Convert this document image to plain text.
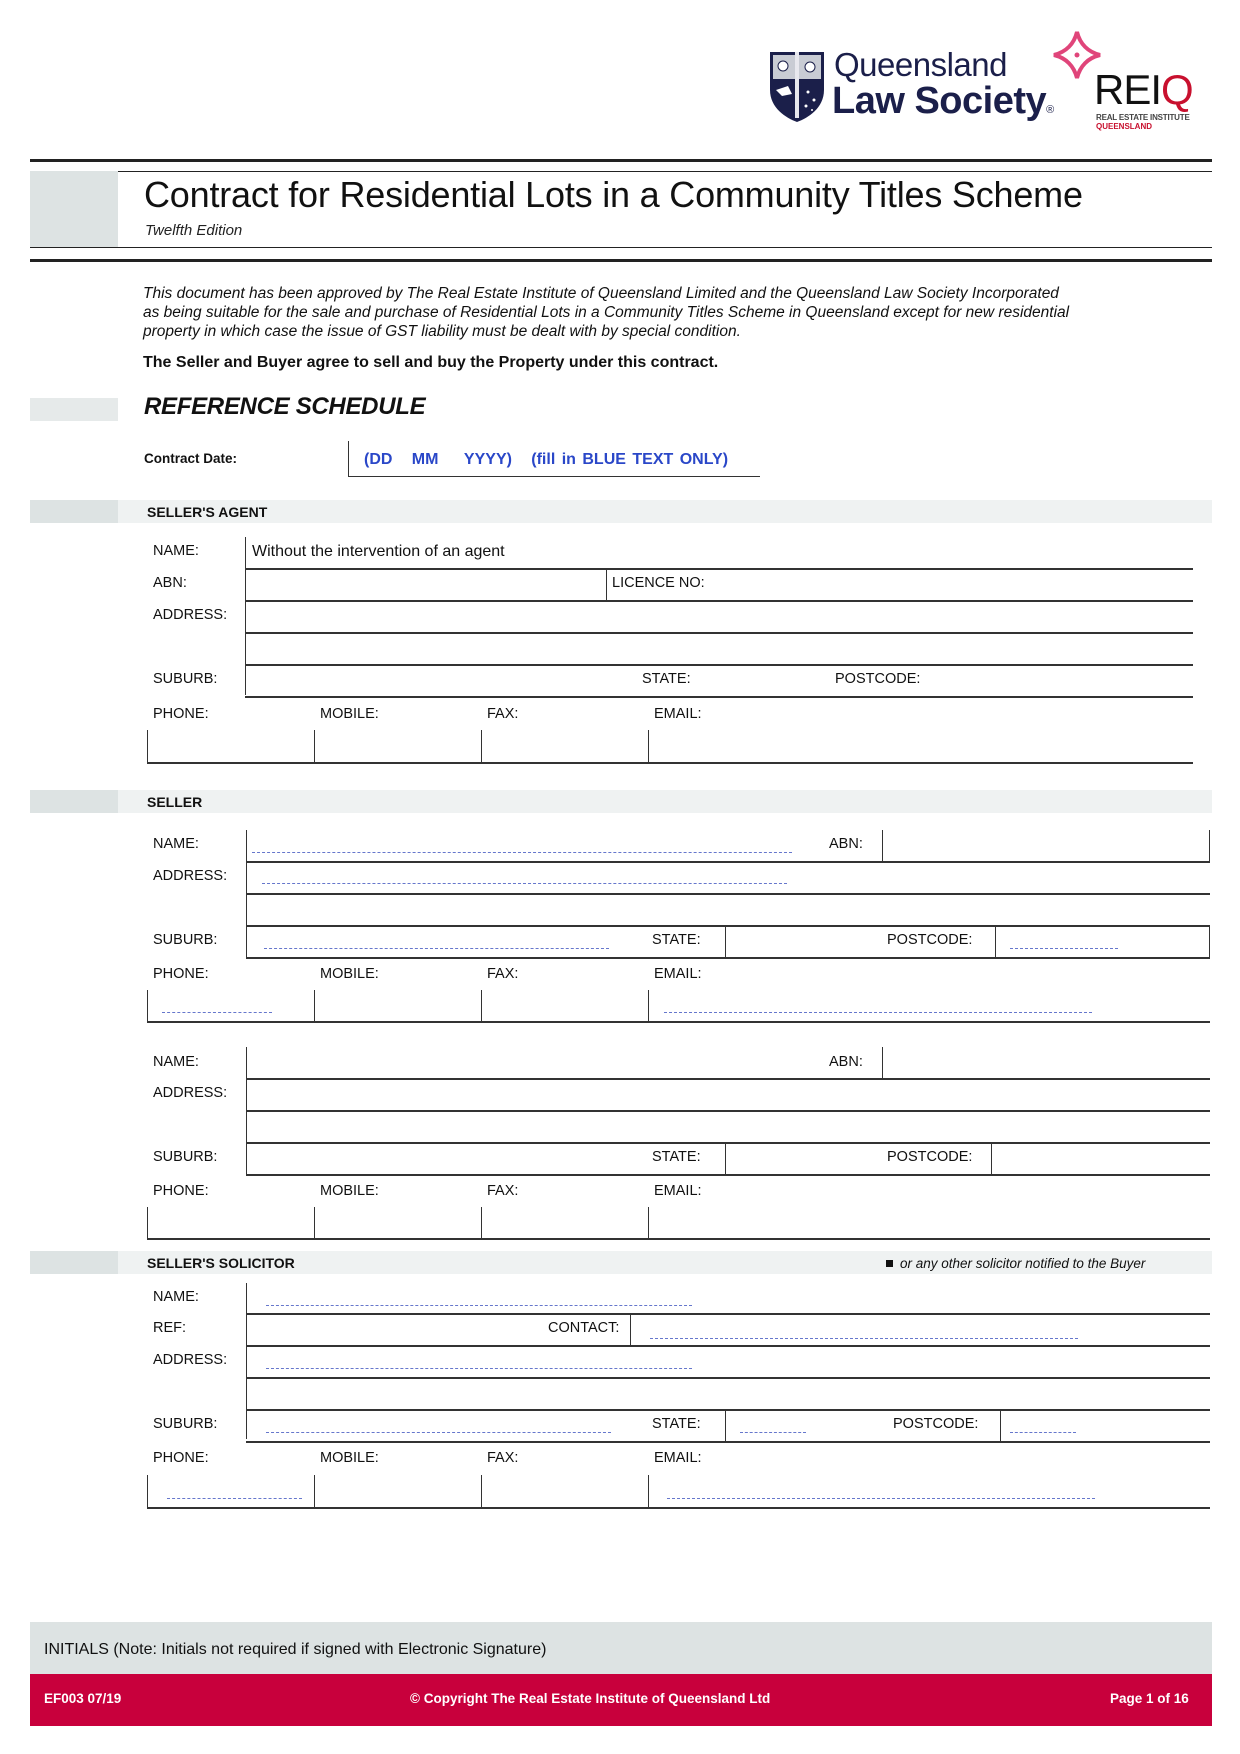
Queensland
Law Society® REIQ
REAL ESTATE INSTITUTE
QUEENSLAND
Contract for Residential Lots in a Community Titles Scheme
Twelfth Edition
This document has been approved by The Real Estate Institute of Queensland Limited and the Queensland Law Society Incorporated as being suitable for the sale and purchase of Residential Lots in a Community Titles Scheme in Queensland except for new residential property in which case the issue of GST liability must be dealt with by special condition.
The Seller and Buyer agree to sell and buy the Property under this contract.
REFERENCE SCHEDULE
Contract Date:	(DD   MM    YYYY)   (fill in BLUE TEXT ONLY)
SELLER'S AGENT
NAME:	Without the intervention of an agent
ABN:	LICENCE NO:
ADDRESS:
SUBURB:	STATE:	POSTCODE:
PHONE:	MOBILE:	FAX:	EMAIL:
SELLER
NAME:	ABN:
ADDRESS:
SUBURB:	STATE:	POSTCODE:
PHONE:	MOBILE:	FAX:	EMAIL:
NAME:	ABN:
ADDRESS:
SUBURB:	STATE:	POSTCODE:
PHONE:	MOBILE:	FAX:	EMAIL:
SELLER'S SOLICITOR	or any other solicitor notified to the Buyer
NAME:
REF:	CONTACT:
ADDRESS:
SUBURB:	STATE:	POSTCODE:
PHONE:	MOBILE:	FAX:	EMAIL:
INITIALS (Note: Initials not required if signed with Electronic Signature)
EF003 07/19	© Copyright The Real Estate Institute of Queensland Ltd	Page 1 of 16
